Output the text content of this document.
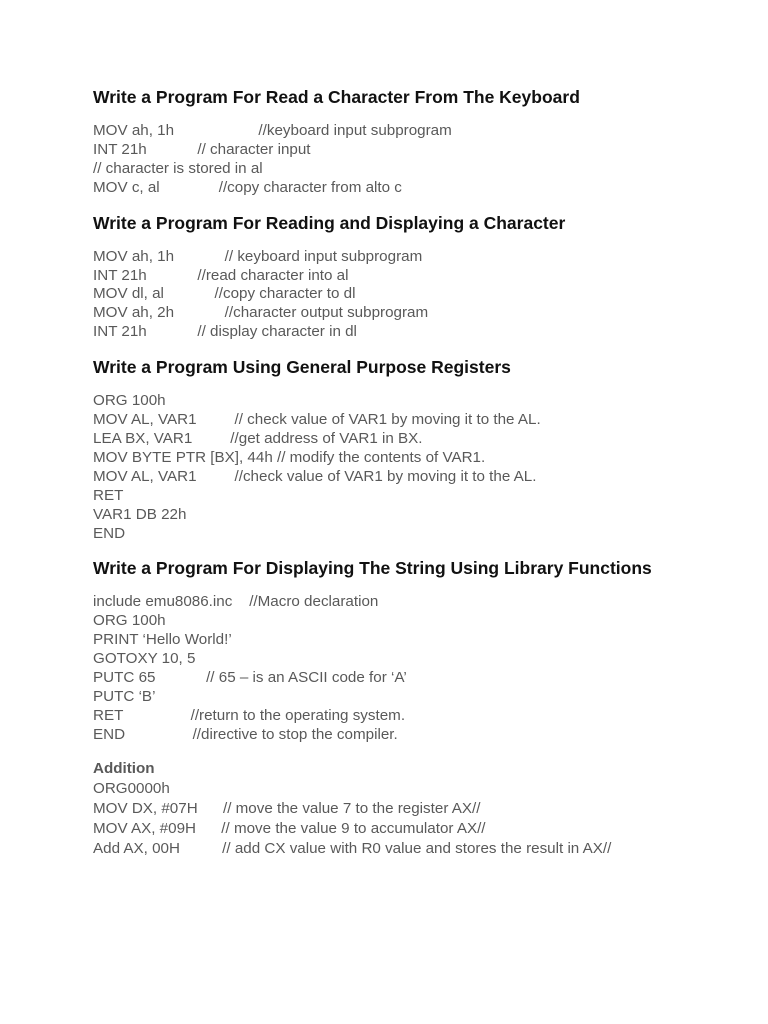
Write a Program For Read a Character From The Keyboard
MOV ah, 1h                    //keyboard input subprogram
INT 21h            // character input
// character is stored in al
MOV c, al              //copy character from alto c
Write a Program For Reading and Displaying a Character
MOV ah, 1h            // keyboard input subprogram
INT 21h            //read character into al
MOV dl, al            //copy character to dl
MOV ah, 2h            //character output subprogram
INT 21h            // display character in dl
Write a Program Using General Purpose Registers
ORG 100h
MOV AL, VAR1         // check value of VAR1 by moving it to the AL.
LEA BX, VAR1         //get address of VAR1 in BX.
MOV BYTE PTR [BX], 44h // modify the contents of VAR1.
MOV AL, VAR1         //check value of VAR1 by moving it to the AL.
RET
VAR1 DB 22h
END
Write a Program For Displaying The String Using Library Functions
include emu8086.inc    //Macro declaration
ORG 100h
PRINT ‘Hello World!’
GOTOXY 10, 5
PUTC 65            // 65 – is an ASCII code for ‘A’
PUTC ‘B’
RET                //return to the operating system.
END                //directive to stop the compiler.
Addition
ORG0000h
MOV DX, #07H      // move the value 7 to the register AX//
MOV AX, #09H      // move the value 9 to accumulator AX//
Add AX, 00H          // add CX value with R0 value and stores the result in AX//
